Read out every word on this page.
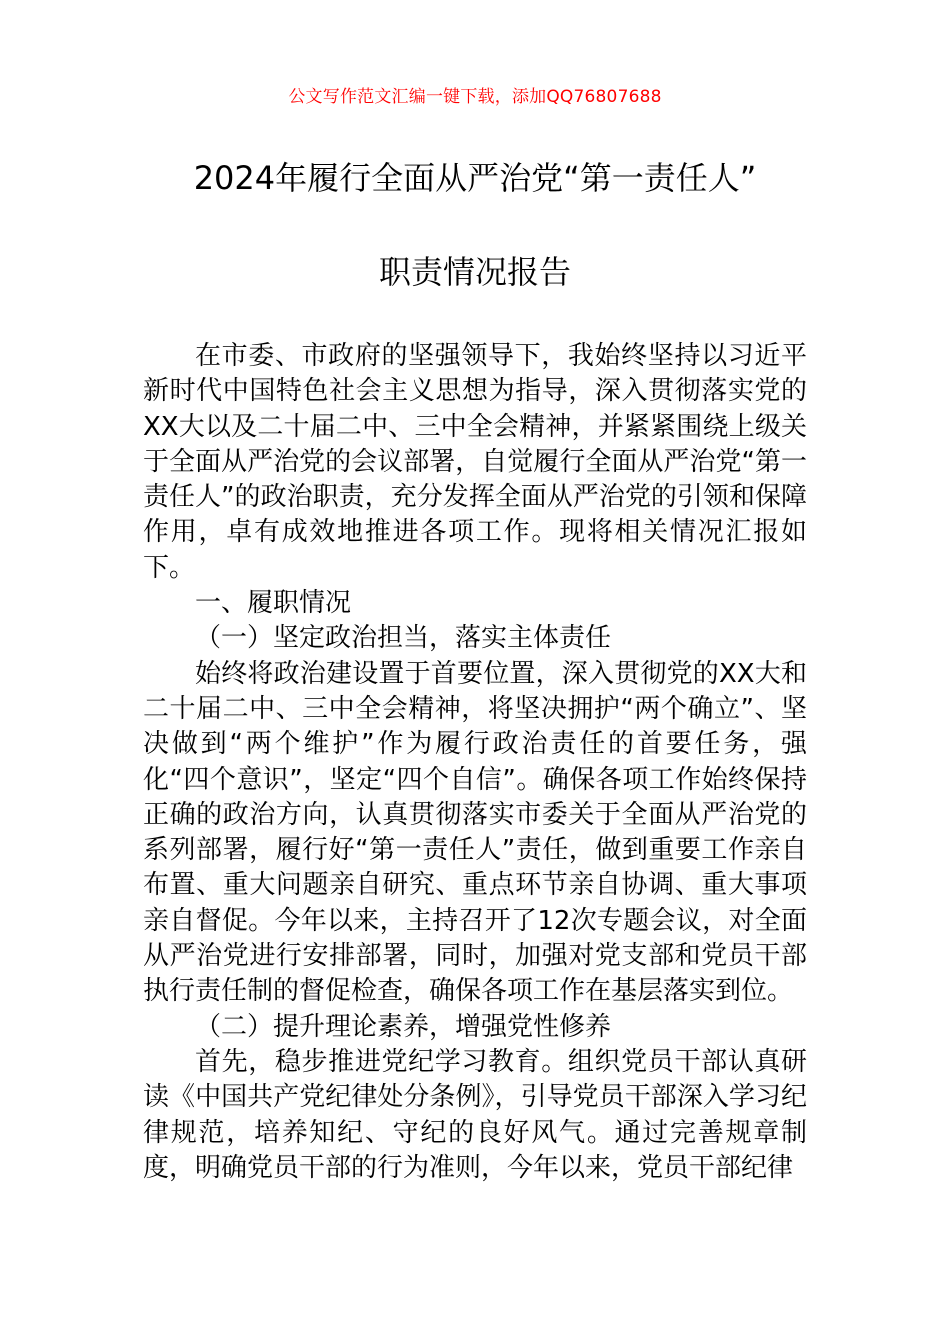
公文写作范文汇编一键下载，添加QQ76807688
2024年履行全面从严治党“第一责任人”
职责情况报告

在市委、市政府的坚强领导下，我始终坚持以习近平新时代中国特色社会主义思想为指导，深入贯彻落实党的XX大以及二十届二中、三中全会精神，并紧紧围绕上级关于全面从严治党的会议部署，自觉履行全面从严治党“第一责任人”的政治职责，充分发挥全面从严治党的引领和保障作用，卓有成效地推进各项工作。现将相关情况汇报如下。

一、履职情况

（一）坚定政治担当，落实主体责任

始终将政治建设置于首要位置，深入贯彻党的XX大和二十届二中、三中全会精神，将坚决拥护“两个确立”、坚决做到“两个维护”作为履行政治责任的首要任务，强化“四个意识”，坚定“四个自信”。确保各项工作始终保持正确的政治方向，认真贯彻落实市委关于全面从严治党的系列部署，履行好“第一责任人”责任，做到重要工作亲自布置、重大问题亲自研究、重点环节亲自协调、重大事项亲自督促。今年以来，主持召开了12次专题会议，对全面从严治党进行安排部署，同时，加强对党支部和党员干部执行责任制的督促检查，确保各项工作在基层落实到位。

（二）提升理论素养，增强党性修养

首先，稳步推进党纪学习教育。组织党员干部认真研读《中国共产党纪律处分条例》，引导党员干部深入学习纪律规范，培养知纪、守纪的良好风气。通过完善规章制度，明确党员干部的行为准则，今年以来，党员干部纪律
